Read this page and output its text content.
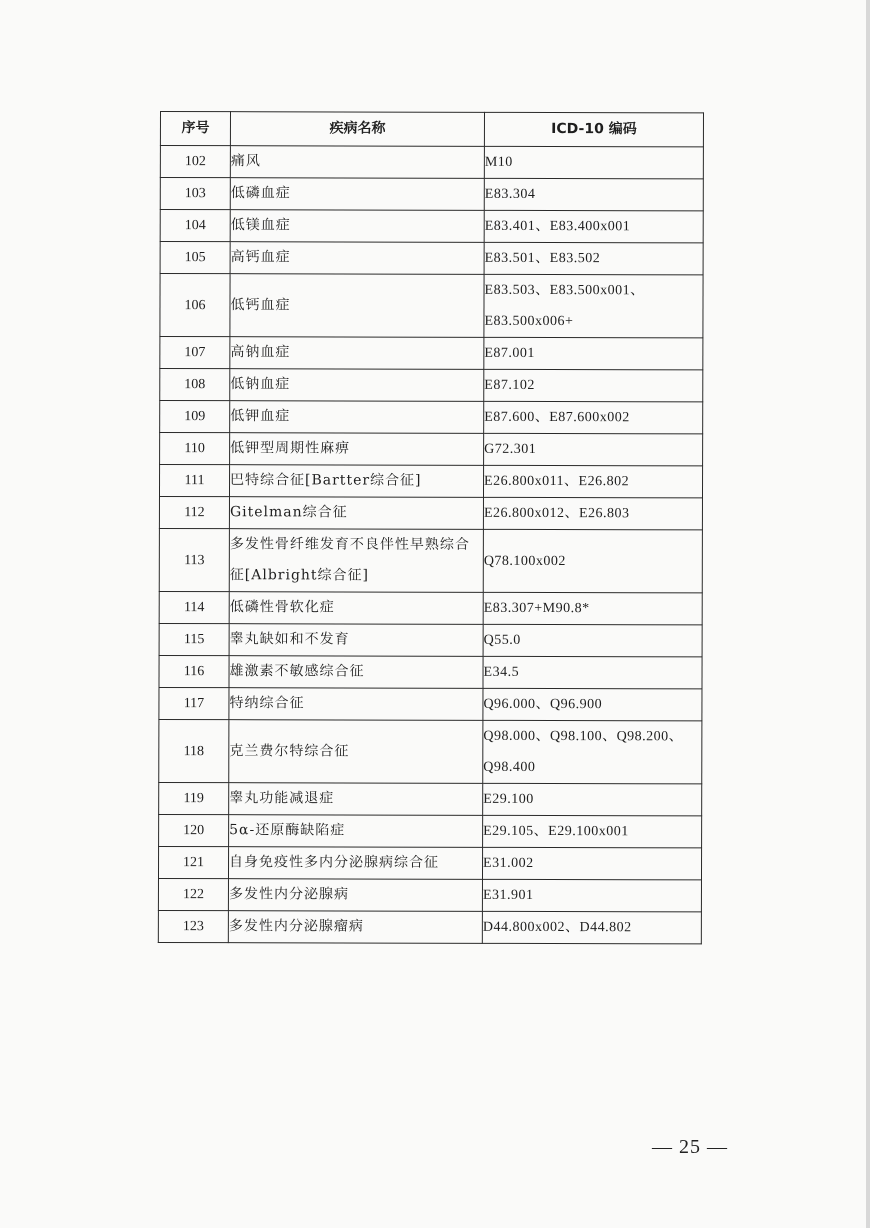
序号	疾病名称	ICD-10 编码
102	痛风	M10
103	低磷血症	E83.304
104	低镁血症	E83.401、E83.400x001
105	高钙血症	E83.501、E83.502
106	低钙血症	E83.503、E83.500x001、E83.500x006+
107	高钠血症	E87.001
108	低钠血症	E87.102
109	低钾血症	E87.600、E87.600x002
110	低钾型周期性麻痹	G72.301
111	巴特综合征[Bartter综合征]	E26.800x011、E26.802
112	Gitelman综合征	E26.800x012、E26.803
113	多发性骨纤维发育不良伴性早熟综合征[Albright综合征]	Q78.100x002
114	低磷性骨软化症	E83.307+M90.8*
115	睾丸缺如和不发育	Q55.0
116	雄激素不敏感综合征	E34.5
117	特纳综合征	Q96.000、Q96.900
118	克兰费尔特综合征	Q98.000、Q98.100、Q98.200、Q98.400
119	睾丸功能减退症	E29.100
120	5α-还原酶缺陷症	E29.105、E29.100x001
121	自身免疫性多内分泌腺病综合征	E31.002
122	多发性内分泌腺病	E31.901
123	多发性内分泌腺瘤病	D44.800x002、D44.802
— 25 —
